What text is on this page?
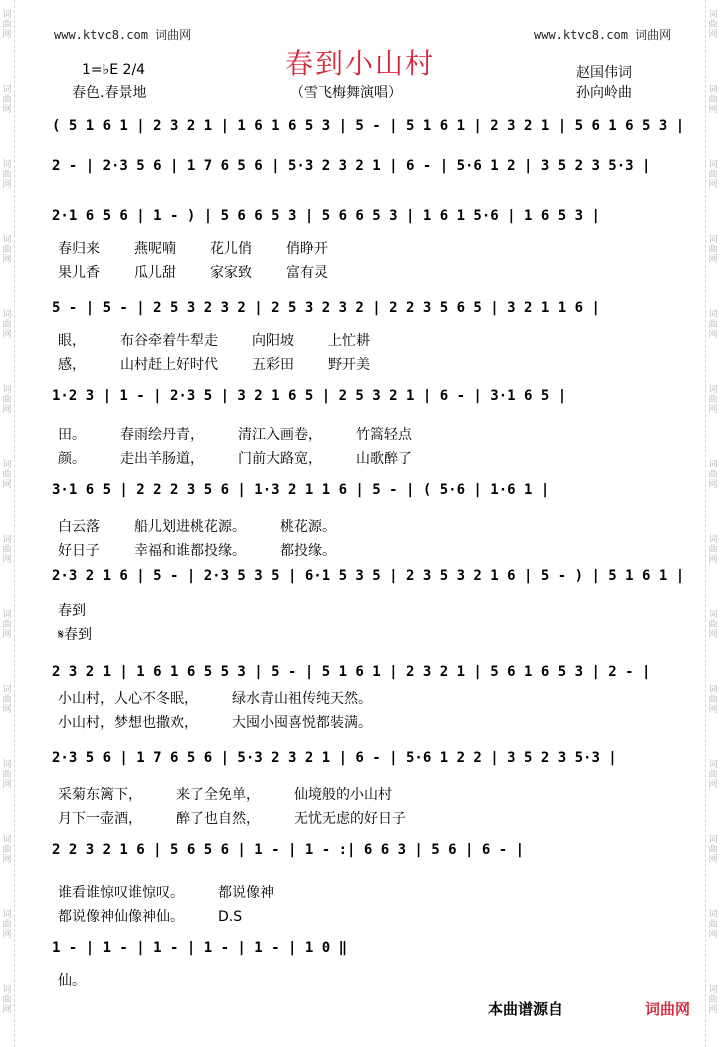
词
曲
网
词
曲
网
词
曲
网
词
曲
网
词
曲
网
词
曲
网
词
曲
网
词
曲
网
词
曲
网
词
曲
网
词
曲
网
词
曲
网
词
曲
网
词
曲
网
词
曲
网
词
曲
网
词
曲
网
词
曲
网
词
曲
网
词
曲
网
词
曲
网
词
曲
网
词
曲
网
词
曲
网
词
曲
网
词
曲
网
词
曲
网
词
曲
网
www.ktvc8.com 词曲网	www.ktvc8.com 词曲网
春到小山村
1=♭E 2/4
春色.春景地	（雪飞梅舞演唱）
赵国伟词
孙向岭曲
( 5 1 6 1 | 2 3 2 1 | 1 6 1 6 5 3 | 5 - | 5 1 6 1 | 2 3 2 1 | 5 6 1 6 5 3 |
2 - | 2·3 5 6 | 1 7 6 5 6 | 5·3 2 3 2 1 | 6 - | 5·6 1 2 | 3 5 2 3 5·3 |
2·1 6 5 6 | 1 - ) | 5 6 6 5 3 | 5 6 6 5 3 | 1 6 1 5·6 | 1 6 5 3 |
5 - | 5 - | 2 5 3 2 3 2 | 2 5 3 2 3 2 | 2 2 3 5 6 5 | 3 2 1 1 6 |
1·2 3 | 1 - | 2·3 5 | 3 2 1 6 5 | 2 5 3 2 1 | 6 - | 3·1 6 5 |
3·1 6 5 | 2 2 2 3 5 6 | 1·3 2 1 1 6 | 5 - | ( 5·6 | 1·6 1 |
2·3 2 1 6 | 5 - | 2·3 5 3 5 | 6·1 5 3 5 | 2 3 5 3 2 1 6 | 5 - ) | 5 1 6 1 |
2 3 2 1 | 1 6 1 6 5 5 3 | 5 - | 5 1 6 1 | 2 3 2 1 | 5 6 1 6 5 3 | 2 - |
2·3 5 6 | 1 7 6 5 6 | 5·3 2 3 2 1 | 6 - | 5·6 1 2 2 | 3 5 2 3 5·3 |
2 2 3 2 1 6 | 5 6 5 6 | 1 - | 1 - :| 6 6 3 | 5 6 | 6 - |
1 - | 1 - | 1 - | 1 - | 1 - | 1 0 ‖
春归来 燕呢喃 花儿俏 俏睁开
果儿香 瓜儿甜 家家致 富有灵
眼， 布谷牵着牛犁走 向阳坡 上忙耕
感， 山村赶上好时代 五彩田 野开美
田。 春雨绘丹青， 清江入画卷， 竹篙轻点
颜。 走出羊肠道， 门前大路宽， 山歌醉了
白云落 船儿划进桃花源。 桃花源。
好日子 幸福和谁都投缘。 都投缘。
春到
𝄋春到
小山村，人心不冬眠， 绿水青山祖传纯天然。
小山村，梦想也撒欢， 大囤小囤喜悦都装满。
采菊东篱下， 来了全免单， 仙境般的小山村
月下一壶酒， 醉了也自然， 无忧无虑的好日子
谁看谁惊叹谁惊叹。 都说像神
都说像神仙像神仙。 D.S
仙。
本曲谱源自	词曲网
